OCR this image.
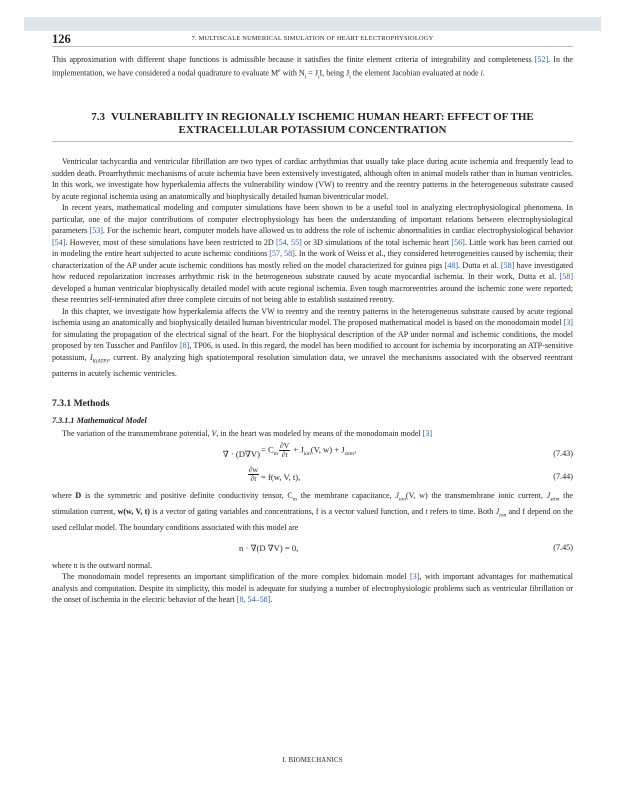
126	7. MULTISCALE NUMERICAL SIMULATION OF HEART ELECTROPHYSIOLOGY

This approximation with different shape functions is admissible because it satisfies the finite element criteria of integrability and completeness [52]. In the implementation, we have considered a nodal quadrature to evaluate Me with $N_i = J_iI$, being $J_i$ the element Jacobian evaluated at node i.

7.3 VULNERABILITY IN REGIONALLY ISCHEMIC HUMAN HEART: EFFECT OF THE
EXTRACELLULAR POTASSIUM CONCENTRATION

Ventricular tachycardia and ventricular fibrillation are two types of cardiac arrhythmias that usually take place during acute ischemia and frequently lead to sudden death. Proarrhythmic mechanisms of acute ischemia have been extensively investigated, although often in animal models rather than in human ventricles. In this work, we investigate how hyperkalemia affects the vulnerability window (VW) to reentry and the reentry patterns in the heterogeneous substrate caused by acute regional ischemia using an anatomically and biophysically detailed human biventricular model.

In recent years, mathematical modeling and computer simulations have been shown to be a useful tool in analyzing electrophysiological phenomena. In particular, one of the major contributions of computer electrophysiology has been the understanding of important relations between electrophysiological parameters [53]. For the ischemic heart, computer models have allowed us to address the role of ischemic abnormalities in cardiac electrophysiological behavior [54]. However, most of these simulations have been restricted to 2D [54, 55] or 3D simulations of the total ischemic heart [56]. Little work has been carried out in modeling the entire heart subjected to acute ischemic conditions [57, 58]. In the work of Weiss et al., they considered heterogeneities caused by ischemia; their characterization of the AP under acute ischemic conditions has mostly relied on the model characterized for guinea pigs [48]. Dutta et al. [58] have investigated how reduced repolarization increases arrhythmic risk in the heterogeneous substrate caused by acute myocardial ischemia. In their work, Dutta et al. [58] developed a human ventricular biophysically detailed model with acute regional ischemia. Even tough macroreentries around the ischemic zone were reported; these reentries self-terminated after three complete circuits of not being able to establish sustained reentry.

In this chapter, we investigate how hyperkalemia affects the VW to reentry and the reentry patterns in the heterogeneous substrate caused by acute regional ischemia using an anatomically and biophysically detailed human biventricular model. The proposed mathematical model is based on the monodomain model [3] for simulating the propagation of the electrical signal of the heart. For the biophysical description of the AP under normal and ischemic conditions, the model proposed by ten Tusscher and Panfilov [8], TP06, is used. In this regard, the model has been modified to account for ischemia by incorporating an ATP-sensitive potassium, $I_{K(ATP)}$, current. By analyzing high spatiotemporal resolution simulation data, we unravel the mechanisms associated with the observed reentrant patterns in acutely ischemic ventricles.

7.3.1 Methods
7.3.1.1 Mathematical Model

The variation of the transmembrane potential, V, in the heart was modeled by means of the monodomain model [3]

∇ · $(D\nabla V) = C_m \frac{\partial V}{\partial t} + J_{ion}(V$, $w) + J_{stim}$,	(7.43)
$\frac{\partial w}{\partial t} = f(w$, V, t),	(7.44)

where D is the symmetric and positive definite conductivity tensor, $C_m$ the membrane capacitance, $J_{ion}(V$, w) the transmembrane ionic current, $J_{stim}$ the stimulation current, w(w, V, t) is a vector of gating variables and concentrations, f is a vector valued function, and t refers to time. Both $J_{ion}$ and f depend on the used cellular model. The boundary conditions associated with this model are

n · ∇(D ∇V) = 0,	(7.45)

where n is the outward normal.

The monodomain model represents an important simplification of the more complex bidomain model [3], with important advantages for mathematical analysis and computation. Despite its simplicity, this model is adequate for studying a number of electrophysiologic problems such as ventricular fibrillation or the onset of ischemia in the electric behavior of the heart [8, 54–58].

I. BIOMECHANICS
